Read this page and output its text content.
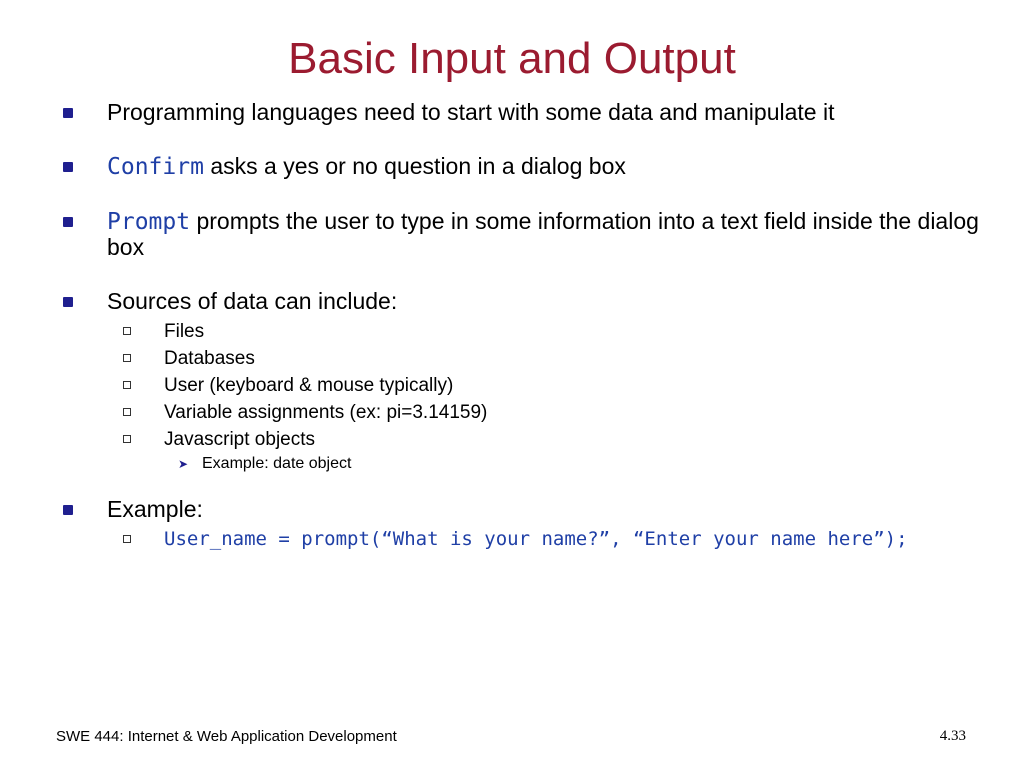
Basic Input and Output
Programming languages need to start with some data and manipulate it
Confirm asks a yes or no question in a dialog box
Prompt prompts the user to type in some information into a text field inside the dialog box
Sources of data can include:
Files
Databases
User (keyboard & mouse typically)
Variable assignments (ex: pi=3.14159)
Javascript objects
➤ Example: date object
Example:
User_name = prompt(“What is your name?”, “Enter your name here”);
SWE 444: Internet & Web Application Development	4.33
